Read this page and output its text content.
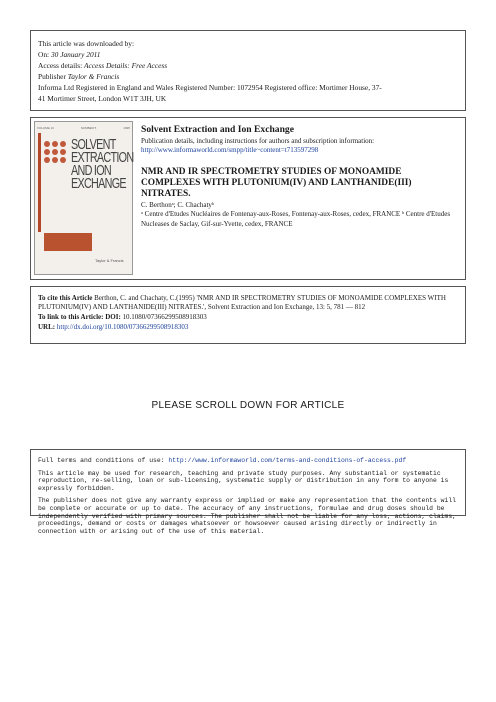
This article was downloaded by:
On: 30 January 2011
Access details: Access Details: Free Access
Publisher Taylor & Francis
Informa Ltd Registered in England and Wales Registered Number: 1072954 Registered office: Mortimer House, 37-
41 Mortimer Street, London W1T 3JH, UK
VOLUME 13	NUMBER 5	1995
SOLVENT
EXTRACTION
AND ION
EXCHANGE
Taylor & Francis
Solvent Extraction and Ion Exchange
Publication details, including instructions for authors and subscription information:
http://www.informaworld.com/smpp/title~content=t713597298
NMR AND IR SPECTROMETRY STUDIES OF MONOAMIDE COMPLEXES WITH PLUTONIUM(IV) AND LANTHANIDE(III) NITRATES.
C. Berthonᵃ; C. Chachatyᵇ
ᵃ Centre d'Etudes Nucléaires de Fontenay-aux-Roses, Fontenay-aux-Roses, cedex, FRANCE ᵇ Centre d'Etudes Nucleases de Saclay, Gif-sur-Yvette, cedex, FRANCE
To cite this Article Berthon, C. and Chachaty, C.(1995) 'NMR AND IR SPECTROMETRY STUDIES OF MONOAMIDE COMPLEXES WITH PLUTONIUM(IV) AND LANTHANIDE(III) NITRATES.', Solvent Extraction and Ion Exchange, 13: 5, 781 — 812
To link to this Article: DOI: 10.1080/07366299508918303
URL: http://dx.doi.org/10.1080/07366299508918303
PLEASE SCROLL DOWN FOR ARTICLE

Full terms and conditions of use: http://www.informaworld.com/terms-and-conditions-of-access.pdf

This article may be used for research, teaching and private study purposes. Any substantial or systematic reproduction, re-selling, loan or sub-licensing, systematic supply or distribution in any form to anyone is expressly forbidden.

The publisher does not give any warranty express or implied or make any representation that the contents will be complete or accurate or up to date. The accuracy of any instructions, formulae and drug doses should be independently verified with primary sources. The publisher shall not be liable for any loss, actions, claims, proceedings, demand or costs or damages whatsoever or howsoever caused arising directly or indirectly in connection with or arising out of the use of this material.
